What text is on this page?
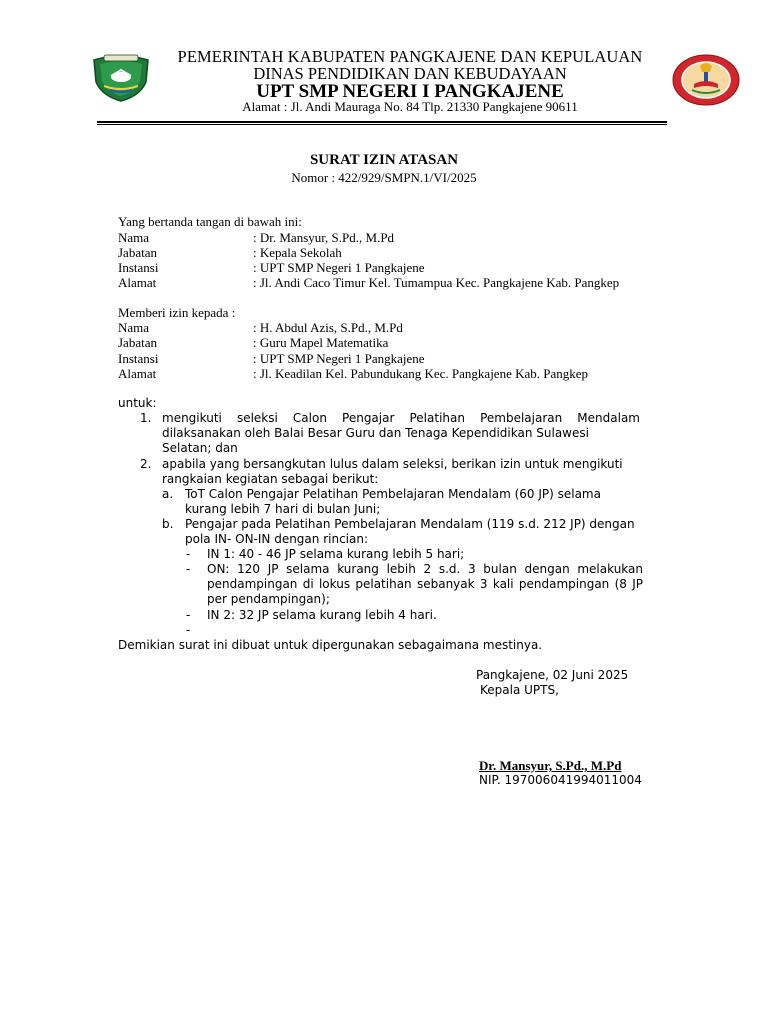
PEMERINTAH KABUPATEN PANGKAJENE DAN KEPULAUAN
DINAS PENDIDIKAN DAN KEBUDAYAAN
UPT SMP NEGERI I PANGKAJENE
Alamat : Jl. Andi Mauraga No. 84 Tlp. 21330 Pangkajene 90611
SURAT IZIN ATASAN
Nomor : 422/929/SMPN.1/VI/2025
Yang bertanda tangan di bawah ini:
Nama	: Dr. Mansyur, S.Pd., M.Pd
Jabatan	: Kepala Sekolah
Instansi	: UPT SMP Negeri 1 Pangkajene
Alamat	: Jl. Andi Caco Timur Kel. Tumampua Kec. Pangkajene Kab. Pangkep
Memberi izin kepada :
Nama	: H. Abdul Azis, S.Pd., M.Pd
Jabatan	: Guru Mapel Matematika
Instansi	: UPT SMP Negeri 1 Pangkajene
Alamat	: Jl. Keadilan Kel. Pabundukang Kec. Pangkajene Kab. Pangkep
untuk:
1. mengikuti seleksi Calon Pengajar Pelatihan Pembelajaran Mendalam
dilaksanakan oleh Balai Besar Guru dan Tenaga Kependidikan Sulawesi
Selatan; dan
2. apabila yang bersangkutan lulus dalam seleksi, berikan izin untuk mengikuti
rangkaian kegiatan sebagai berikut:
a. ToT Calon Pengajar Pelatihan Pembelajaran Mendalam (60 JP) selama
kurang lebih 7 hari di bulan Juni;
b. Pengajar pada Pelatihan Pembelajaran Mendalam (119 s.d. 212 JP) dengan
pola IN- ON-IN dengan rincian:
- IN 1: 40 - 46 JP selama kurang lebih 5 hari;
- ON: 120 JP selama kurang lebih 2 s.d. 3 bulan dengan melakukan
pendampingan di lokus pelatihan sebanyak 3 kali pendampingan (8 JP
per pendampingan);
- IN 2: 32 JP selama kurang lebih 4 hari.
-
Demikian surat ini dibuat untuk dipergunakan sebagaimana mestinya.
Pangkajene, 02 Juni 2025
Kepala UPTS,
Dr. Mansyur, S.Pd., M.Pd
NIP. 197006041994011004
